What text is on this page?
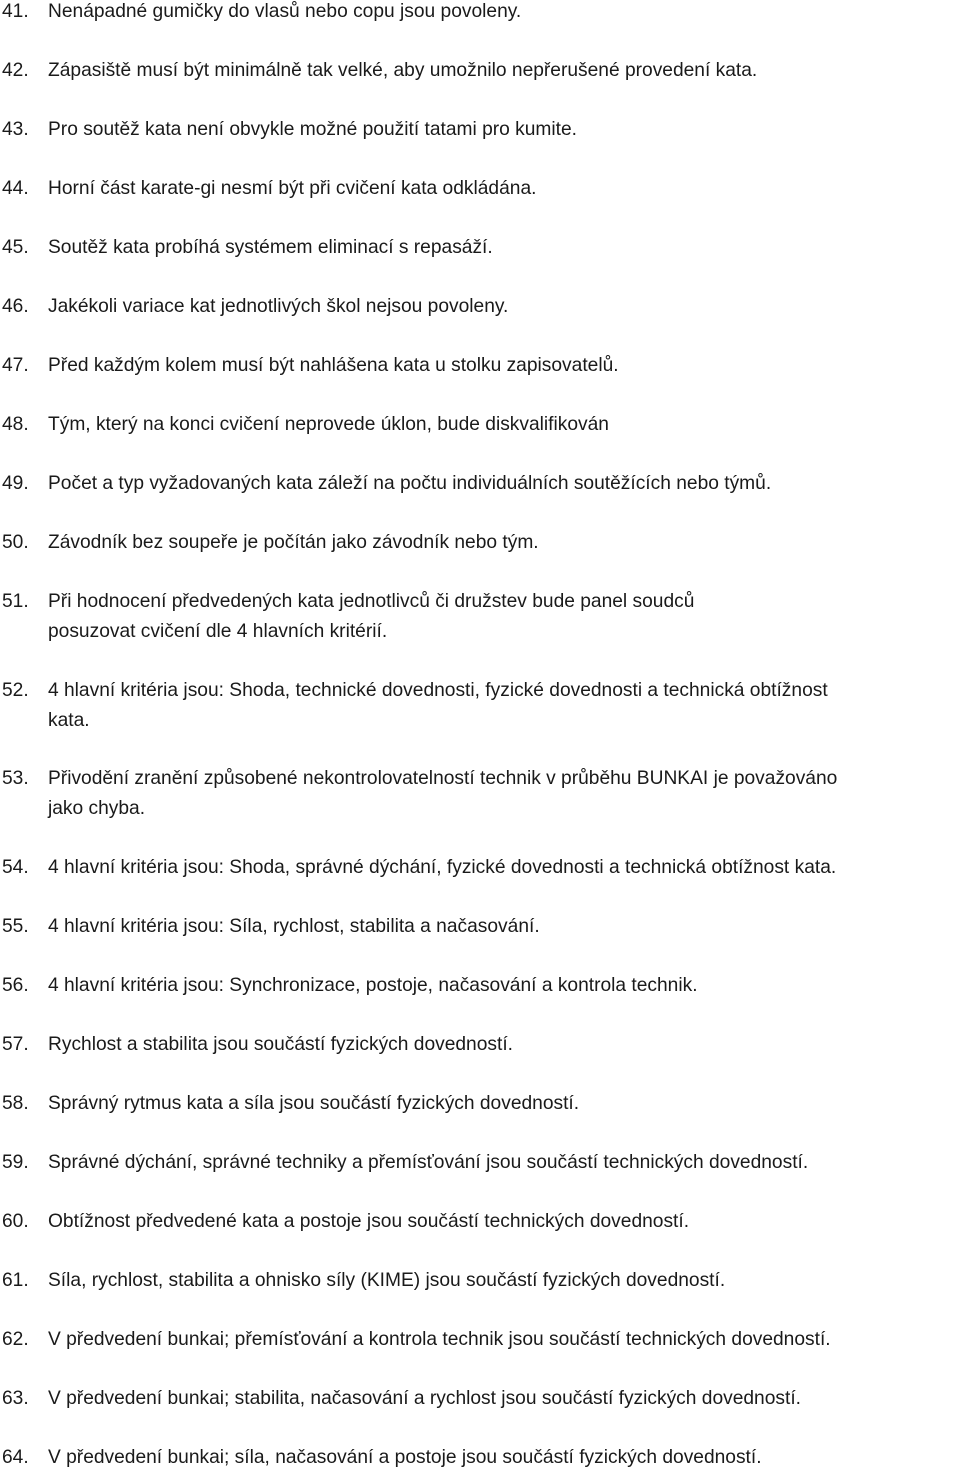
41.	Nenápadné gumičky do vlasů nebo copu jsou povoleny.
42.	Zápasiště musí být minimálně tak velké, aby umožnilo nepřerušené provedení kata.
43.	Pro soutěž kata není obvykle možné použití tatami pro kumite.
44.	Horní část karate-gi nesmí být při cvičení kata odkládána.
45.	Soutěž kata probíhá systémem eliminací s repasáží.
46.	Jakékoli variace kat jednotlivých škol nejsou povoleny.
47.	Před každým kolem musí být nahlášena kata u stolku zapisovatelů.
48.	Tým, který na konci cvičení neprovede úklon, bude diskvalifikován
49.	Počet a typ vyžadovaných kata záleží na počtu individuálních soutěžících nebo týmů.
50.	Závodník bez soupeře je počítán jako závodník nebo tým.
51.	Při hodnocení předvedených kata jednotlivců či družstev bude panel soudců
posuzovat cvičení dle 4 hlavních kritérií.
52.	4 hlavní kritéria jsou: Shoda, technické dovednosti, fyzické dovednosti a technická obtížnost
kata.
53.	Přivodění zranění způsobené nekontrolovatelností technik v průběhu BUNKAI je považováno
jako chyba.
54.	4 hlavní kritéria jsou: Shoda, správné dýchání, fyzické dovednosti a technická obtížnost kata.
55.	4 hlavní kritéria jsou: Síla, rychlost, stabilita a načasování.
56.	4 hlavní kritéria jsou: Synchronizace, postoje, načasování a kontrola technik.
57.	Rychlost a stabilita jsou součástí fyzických dovedností.
58.	Správný rytmus kata a síla jsou součástí fyzických dovedností.
59.	Správné dýchání, správné techniky a přemísťování jsou součástí technických dovedností.
60.	Obtížnost předvedené kata a postoje jsou součástí technických dovedností.
61.	Síla, rychlost, stabilita a ohnisko síly (KIME) jsou součástí fyzických dovedností.
62.	V předvedení bunkai; přemísťování a kontrola technik jsou součástí technických dovedností.
63.	V předvedení bunkai; stabilita, načasování a rychlost jsou součástí fyzických dovedností.
64.	V předvedení bunkai; síla, načasování a postoje jsou součástí fyzických dovedností.
